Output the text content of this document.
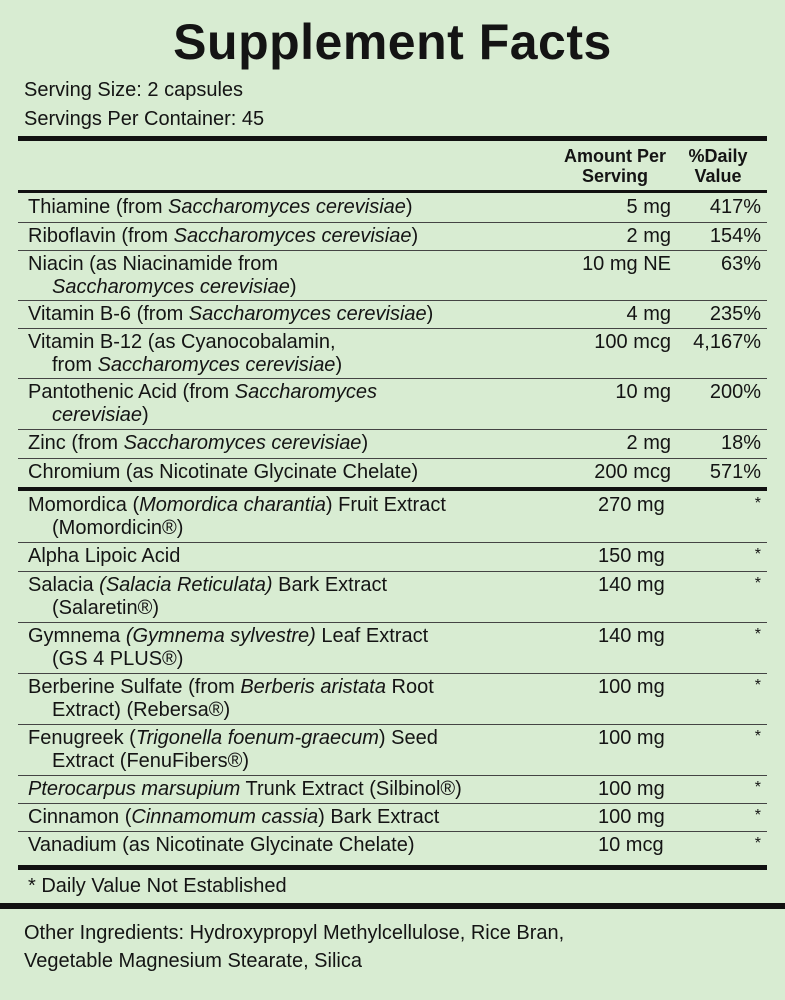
Supplement Facts
Serving Size: 2 capsules
Servings Per Container: 45
Amount Per
Serving
%Daily
Value
Thiamine (from Saccharomyces cerevisiae)	5 mg 417%
Riboflavin (from Saccharomyces cerevisiae)	2 mg 154%
Niacin (as Niacinamide from
Saccharomyces cerevisiae)
10 mg NE 63%
Vitamin B-6 (from Saccharomyces cerevisiae)	4 mg 235%
Vitamin B-12 (as Cyanocobalamin,
from Saccharomyces cerevisiae)
100 mcg 4,167%
Pantothenic Acid (from Saccharomyces
cerevisiae)
10 mg 200%
Zinc (from Saccharomyces cerevisiae)	2 mg 18%
Chromium (as Nicotinate Glycinate Chelate)	200 mcg 571%
Momordica (Momordica charantia) Fruit Extract
(Momordicin®)
270 mg	*
Alpha Lipoic Acid	150 mg	*
Salacia (Salacia Reticulata) Bark Extract
(Salaretin®)
140 mg	*
Gymnema (Gymnema sylvestre) Leaf Extract
(GS 4 PLUS®)
140 mg	*
Berberine Sulfate (from Berberis aristata Root
Extract) (Rebersa®)
100 mg	*
Fenugreek (Trigonella foenum-graecum) Seed
Extract (FenuFibers®)
100 mg	*
Pterocarpus marsupium Trunk Extract (Silbinol®)	100 mg	*
Cinnamon (Cinnamomum cassia) Bark Extract	100 mg	*
Vanadium (as Nicotinate Glycinate Chelate)	10 mcg	*
* Daily Value Not Established
Other Ingredients: Hydroxypropyl Methylcellulose, Rice Bran,
Vegetable Magnesium Stearate, Silica
